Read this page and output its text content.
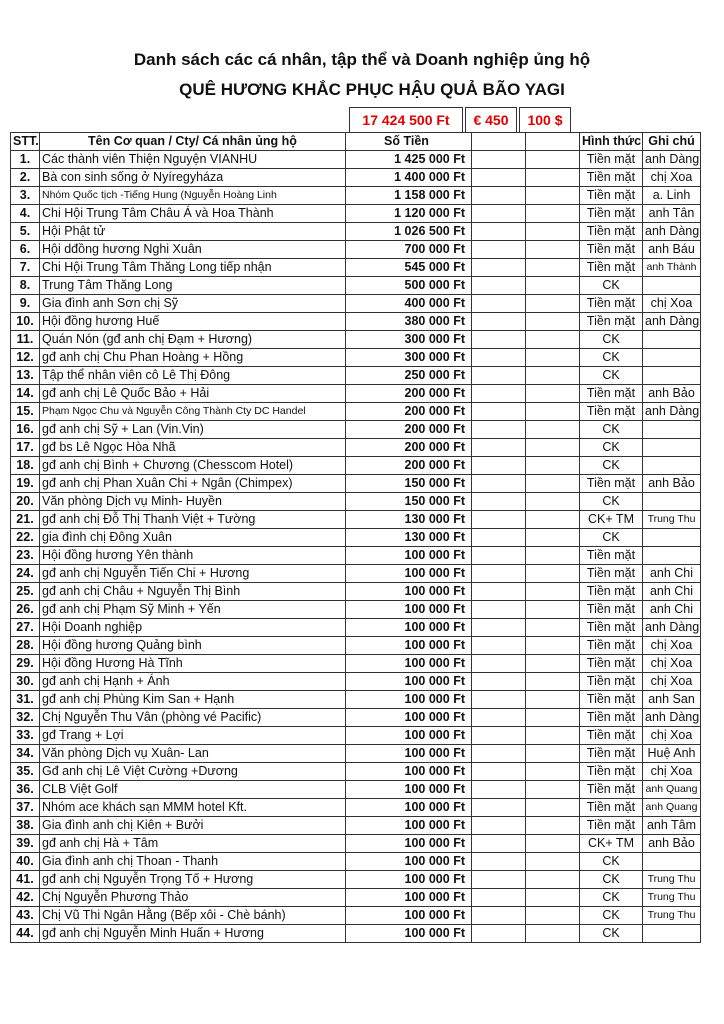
Danh sách các cá nhân, tập thể và Doanh nghiệp ủng hộ
QUÊ HƯƠNG KHẮC PHỤC HẬU QUẢ BÃO YAGI
17 424 500 Ft	€ 450	100 $
STT.	Tên Cơ quan / Cty/ Cá nhân ủng hộ	Số Tiền			Hình thức	Ghi chú
1.	Các thành viên Thiện Nguyện VIANHU	1 425 000 Ft			Tiền mặt	anh Dàng
2.	Bà con sinh sống ở Nyíregyháza	1 400 000 Ft			Tiền mặt	chị Xoa
3.	Nhóm Quốc tịch -Tiếng Hung (Nguyễn Hoàng Linh	1 158 000 Ft			Tiền mặt	a. Linh
4.	Chi Hội Trung Tâm Châu Á và Hoa Thành	1 120 000 Ft			Tiền mặt	anh Tân
5.	Hội Phật tử	1 026 500 Ft			Tiền mặt	anh Dàng
6.	Hội dđồng hương Nghi Xuân	700 000 Ft			Tiền mặt	anh Báu
7.	Chi Hội Trung Tâm Thăng Long tiếp nhận	545 000 Ft			Tiền mặt	anh Thành
8.	Trung Tâm Thăng Long	500 000 Ft			CK	
9.	Gia đình anh Sơn chị Sỹ	400 000 Ft			Tiền mặt	chị Xoa
10.	Hội đồng hương Huế	380 000 Ft			Tiền mặt	anh Dàng
11.	Quán Nón (gđ anh chị Đạm + Hương)	300 000 Ft			CK	
12.	gđ anh chị Chu Phan Hoàng + Hồng	300 000 Ft			CK	
13.	Tập thể nhân viên cô Lê Thị Đông	250 000 Ft			CK	
14.	gđ anh chị Lê Quốc Bảo + Hải	200 000 Ft			Tiền mặt	anh Bảo
15.	Phạm Ngọc Chu và Nguyễn Công Thành Cty DC Handel	200 000 Ft			Tiền mặt	anh Dàng
16.	gđ anh chị Sỹ + Lan (Vin.Vin)	200 000 Ft			CK	
17.	gđ bs Lê Ngọc Hòa Nhã	200 000 Ft			CK	
18.	gđ anh chị Bình + Chương (Chesscom Hotel)	200 000 Ft			CK	
19.	gđ anh chị Phan Xuân Chi + Ngân (Chimpex)	150 000 Ft			Tiền mặt	anh Bảo
20.	Văn phòng Dịch vụ Minh- Huyền	150 000 Ft			CK	
21.	gđ anh chị Đỗ Thị Thanh Việt + Tường	130 000 Ft			CK+ TM	Trung Thu
22.	gia đình chị Đông Xuân	130 000 Ft			CK	
23.	Hội đồng hương Yên thành	100 000 Ft			Tiền mặt	
24.	gđ anh chị Nguyễn Tiến Chi + Hương	100 000 Ft			Tiền mặt	anh Chi
25.	gđ anh chị Châu + Nguyễn Thị Bình	100 000 Ft			Tiền mặt	anh Chi
26.	gđ anh chị Phạm Sỹ Minh + Yến	100 000 Ft			Tiền mặt	anh Chi
27.	Hội Doanh nghiệp	100 000 Ft			Tiền mặt	anh Dàng
28.	Hội đồng hương Quảng bình	100 000 Ft			Tiền mặt	chị Xoa
29.	Hội đồng Hương Hà Tĩnh	100 000 Ft			Tiền mặt	chị Xoa
30.	gđ anh chị Hạnh + Ánh	100 000 Ft			Tiền mặt	chị Xoa
31.	gđ anh chị Phùng Kim San + Hạnh	100 000 Ft			Tiền mặt	anh San
32.	Chị Nguyễn Thu Vân (phòng vé Pacific)	100 000 Ft			Tiền mặt	anh Dàng
33.	gđ Trang + Lợi	100 000 Ft			Tiền mặt	chị Xoa
34.	Văn phòng Dịch vụ Xuân- Lan	100 000 Ft			Tiền mặt	Huệ Anh
35.	Gđ anh chị Lê Việt Cường +Dương	100 000 Ft			Tiền mặt	chị Xoa
36.	CLB Việt Golf	100 000 Ft			Tiền mặt	anh Quang
37.	Nhóm ace khách sạn MMM hotel Kft.	100 000 Ft			Tiền mặt	anh Quang
38.	Gia đình anh chị Kiên + Bưởi	100 000 Ft			Tiền mặt	anh Tâm
39.	gđ anh chị Hà + Tâm	100 000 Ft			CK+ TM	anh Bảo
40.	Gia đình anh chị Thoan - Thanh	100 000 Ft			CK	
41.	gđ anh chị Nguyễn Trọng Tố + Hương	100 000 Ft			CK	Trung Thu
42.	Chị Nguyễn Phương Thảo	100 000 Ft			CK	Trung Thu
43.	Chị Vũ Thi Ngân Hằng (Bếp xôi - Chè bánh)	100 000 Ft			CK	Trung Thu
44.	gđ anh chị Nguyễn Minh Huấn + Hương	100 000 Ft			CK	
